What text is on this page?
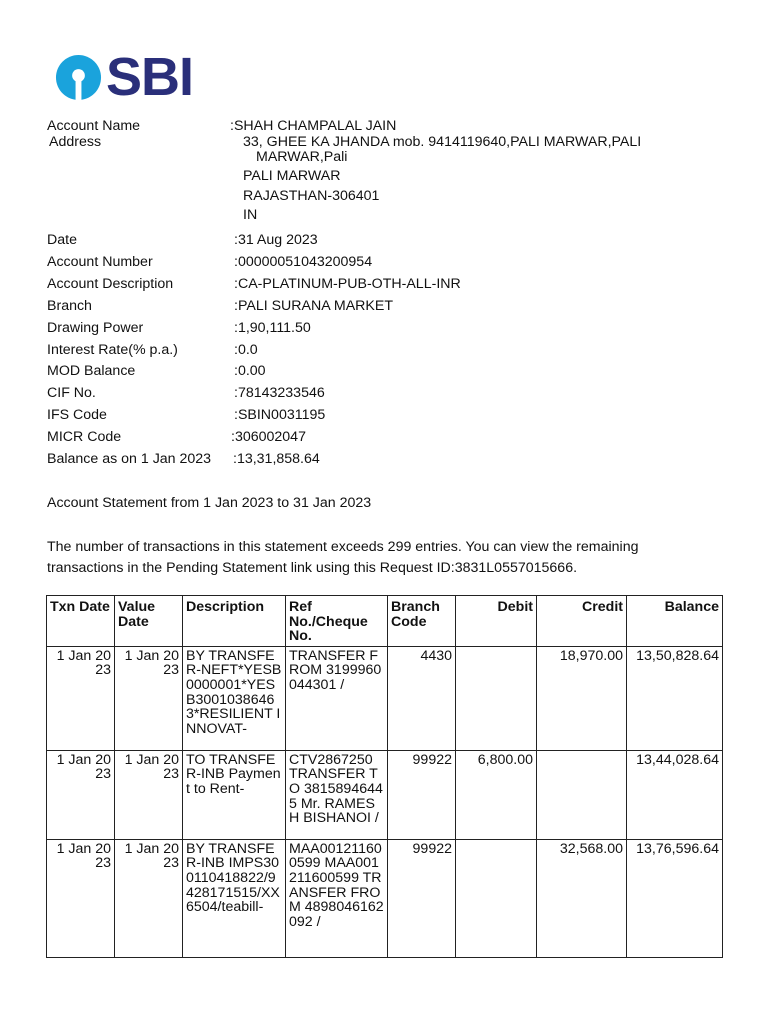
SBI
Account Name	:SHAH CHAMPALAL JAIN
Address	33, GHEE KA JHANDA mob. 9414119640,PALI MARWAR,PALI
MARWAR,Pali
PALI MARWAR
RAJASTHAN-306401
IN
Date	:31 Aug 2023
Account Number	:00000051043200954
Account Description	:CA-PLATINUM-PUB-OTH-ALL-INR
Branch	:PALI SURANA MARKET
Drawing Power	:1,90,111.50
Interest Rate(% p.a.)	:0.0
MOD Balance	:0.00
CIF No.	:78143233546
IFS Code	:SBIN0031195
MICR Code	:306002047
Balance as on 1 Jan 2023 :13,31,858.64
Account Statement from 1 Jan 2023 to 31 Jan 2023
The number of transactions in this statement exceeds 299 entries. You can view the remaining
transactions in the Pending Statement link using this Request ID:3831L0557015666.
Txn Date	Value Date	Description	Ref No./Cheque No.	Branch Code	Debit	Credit	Balance
1 Jan 2023	1 Jan 2023	BY TRANSFER-NEFT*YESB0000001*YESB30010386463*RESILIENT INNOVAT-	TRANSFER FROM 3199960044301 /	4430		18,970.00	13,50,828.64
1 Jan 2023	1 Jan 2023	TO TRANSFER-INB Payment to Rent-	CTV2867250 TRANSFER TO 38158946445 Mr. RAMESH BISHANOI /	99922	6,800.00		13,44,028.64
1 Jan 2023	1 Jan 2023	BY TRANSFER-INB IMPS300110418822/9428171515/XX6504/teabill-	MAA001211600599 MAA001211600599 TRANSFER FROM 4898046162092 /	99922		32,568.00	13,76,596.64
